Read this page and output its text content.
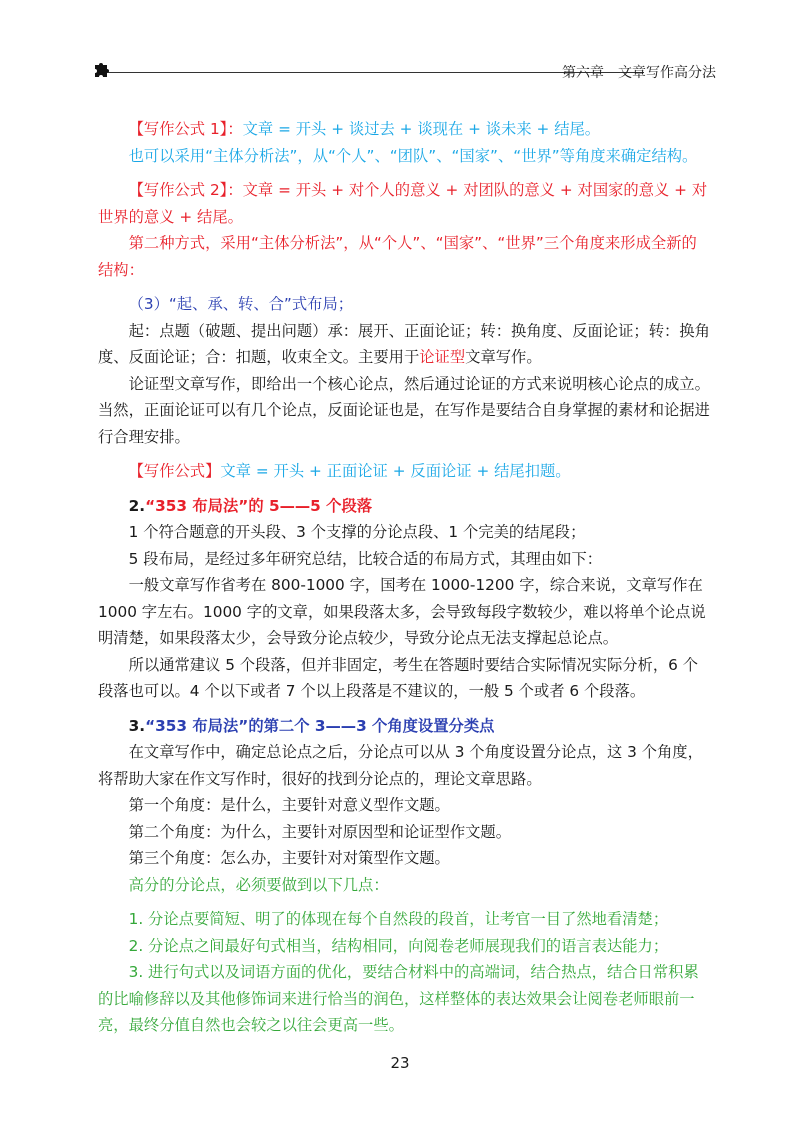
第六章　文章写作高分法

【写作公式 1】：文章 = 开头 + 谈过去 + 谈现在 + 谈未来 + 结尾。

也可以采用“主体分析法”，从“个人”、“团队”、“国家”、“世界”等角度来确定结构。

【写作公式 2】：文章 = 开头 + 对个人的意义 + 对团队的意义 + 对国家的意义 + 对世界的意义 + 结尾。

第二种方式，采用“主体分析法”，从“个人”、“国家”、“世界”三个角度来形成全新的结构：

（3）“起、承、转、合”式布局；

起：点题（破题、提出问题）承：展开、正面论证；转：换角度、反面论证；转：换角度、反面论证；合：扣题，收束全文。主要用于论证型文章写作。

论证型文章写作，即给出一个核心论点，然后通过论证的方式来说明核心论点的成立。当然，正面论证可以有几个论点，反面论证也是，在写作是要结合自身掌握的素材和论据进行合理安排。

【写作公式】文章 = 开头 + 正面论证 + 反面论证 + 结尾扣题。

2.“353 布局法”的 5——5 个段落

1 个符合题意的开头段、3 个支撑的分论点段、1 个完美的结尾段；

5 段布局，是经过多年研究总结，比较合适的布局方式，其理由如下：

一般文章写作省考在 800-1000 字，国考在 1000-1200 字，综合来说，文章写作在 1000 字左右。1000 字的文章，如果段落太多，会导致每段字数较少，难以将单个论点说明清楚，如果段落太少，会导致分论点较少，导致分论点无法支撑起总论点。

所以通常建议 5 个段落，但并非固定，考生在答题时要结合实际情况实际分析，6 个段落也可以。4 个以下或者 7 个以上段落是不建议的，一般 5 个或者 6 个段落。

3.“353 布局法”的第二个 3——3 个角度设置分类点

在文章写作中，确定总论点之后，分论点可以从 3 个角度设置分论点，这 3 个角度，将帮助大家在作文写作时，很好的找到分论点的，理论文章思路。

第一个角度：是什么，主要针对意义型作文题。

第二个角度：为什么，主要针对原因型和论证型作文题。

第三个角度：怎么办，主要针对对策型作文题。

高分的分论点，必须要做到以下几点：

1. 分论点要简短、明了的体现在每个自然段的段首，让考官一目了然地看清楚；

2. 分论点之间最好句式相当，结构相同，向阅卷老师展现我们的语言表达能力；

3. 进行句式以及词语方面的优化，要结合材料中的高端词，结合热点，结合日常积累的比喻修辞以及其他修饰词来进行恰当的润色，这样整体的表达效果会让阅卷老师眼前一亮，最终分值自然也会较之以往会更高一些。

23
